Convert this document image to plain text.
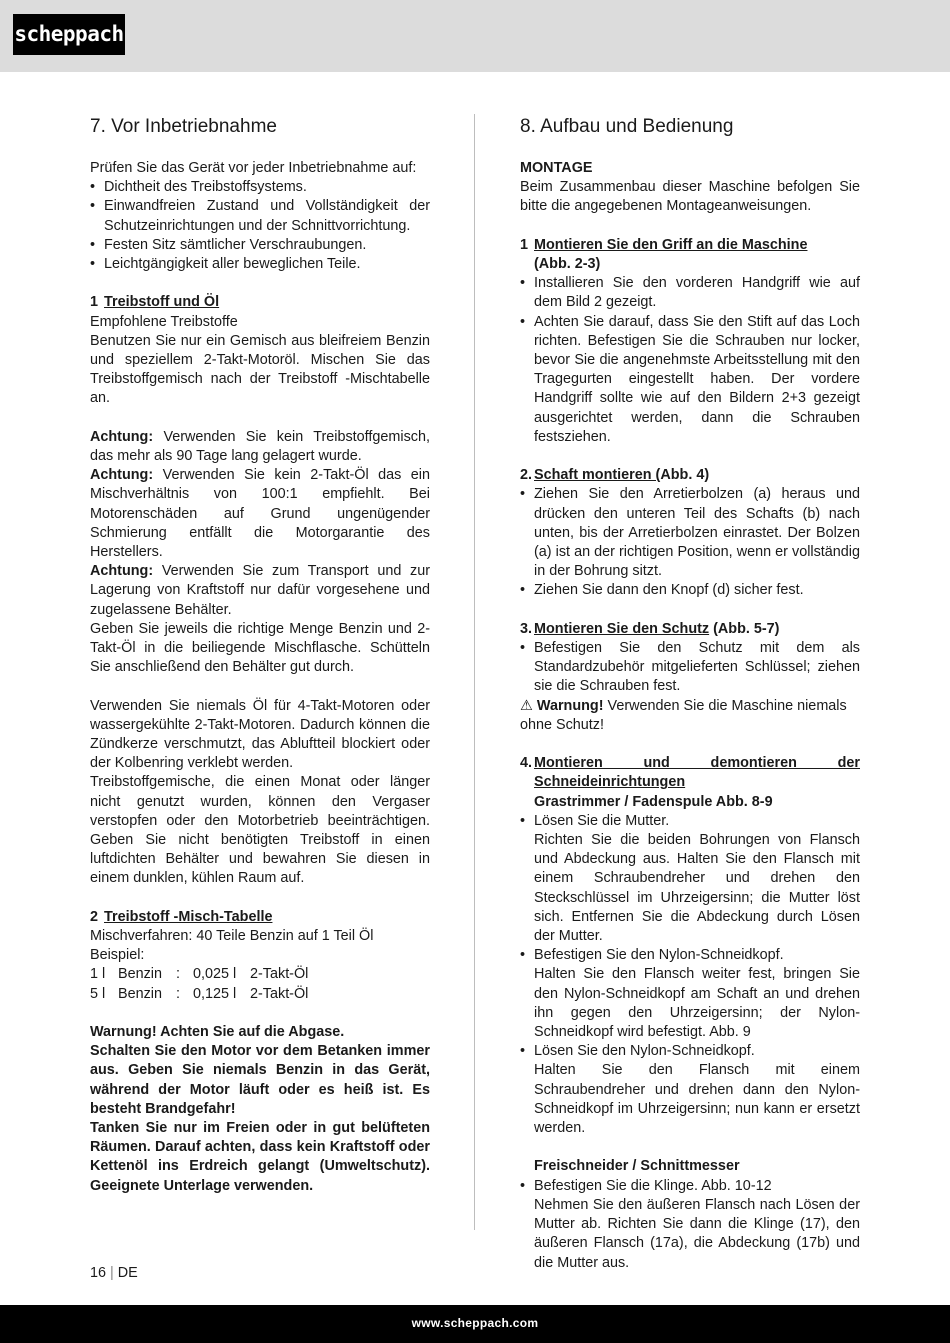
scheppach
7. Vor Inbetriebnahme

Prüfen Sie das Gerät vor jeder Inbetriebnahme auf:

• Dichtheit des Treibstoffsystems.
• Einwandfreien Zustand und Vollständigkeit der Schutzeinrichtungen und der Schnittvorrichtung.
• Festen Sitz sämtlicher Verschraubungen.
• Leichtgängigkeit aller beweglichen Teile.
1 Treibstoff und Öl

Empfohlene Treibstoffe

Benutzen Sie nur ein Gemisch aus bleifreiem Benzin und speziellem 2-Takt-Motoröl. Mischen Sie das Treibstoffgemisch nach der Treibstoff -Mischtabelle an.

Achtung: Verwenden Sie kein Treibstoffgemisch, das mehr als 90 Tage lang gelagert wurde.

Achtung: Verwenden Sie kein 2-Takt-Öl das ein Mischverhältnis von 100:1 empfiehlt. Bei Motorenschäden auf Grund ungenügender Schmierung entfällt die Motorgarantie des Herstellers.

Achtung: Verwenden Sie zum Transport und zur Lagerung von Kraftstoff nur dafür vorgesehene und zugelassene Behälter.

Geben Sie jeweils die richtige Menge Benzin und 2-Takt-Öl in die beiliegende Mischflasche. Schütteln Sie anschließend den Behälter gut durch.

Verwenden Sie niemals Öl für 4-Takt-Motoren oder wassergekühlte 2-Takt-Motoren. Dadurch können die Zündkerze verschmutzt, das Abluftteil blockiert oder der Kolbenring verklebt werden.

Treibstoffgemische, die einen Monat oder länger nicht genutzt wurden, können den Vergaser verstopfen oder den Motorbetrieb beeinträchtigen. Geben Sie nicht benötigten Treibstoff in einen luftdichten Behälter und bewahren Sie diesen in einem dunklen, kühlen Raum auf.

2 Treibstoff -Misch-Tabelle

Mischverfahren: 40 Teile Benzin auf 1 Teil Öl

Beispiel:

1 l Benzin : 0,025 l 2-Takt-Öl
5 l Benzin : 0,125 l 2-Takt-Öl

Warnung! Achten Sie auf die Abgase.
Schalten Sie den Motor vor dem Betanken immer aus. Geben Sie niemals Benzin in das Gerät, während der Motor läuft oder es heiß ist. Es besteht Brandgefahr!
Tanken Sie nur im Freien oder in gut belüfteten Räumen. Darauf achten, dass kein Kraftstoff oder Kettenöl ins Erdreich gelangt (Umweltschutz). Geeignete Unterlage verwenden.

8. Aufbau und Bedienung

MONTAGE

Beim Zusammenbau dieser Maschine befolgen Sie bitte die angegebenen Montageanweisungen.

1 Montieren Sie den Griff an die Maschine
(Abb. 2-3)
• Installieren Sie den vorderen Handgriff wie auf dem Bild 2 gezeigt.
• Achten Sie darauf, dass Sie den Stift auf das Loch richten. Befestigen Sie die Schrauben nur locker, bevor Sie die angenehmste Arbeitsstellung mit den Tragegurten eingestellt haben. Der vordere Handgriff sollte wie auf den Bildern 2+3 gezeigt ausgerichtet werden, dann die Schrauben festsziehen.
2. Schaft montieren (Abb. 4)
• Ziehen Sie den Arretierbolzen (a) heraus und drücken den unteren Teil des Schafts (b) nach unten, bis der Arretierbolzen einrastet. Der Bolzen (a) ist an der richtigen Position, wenn er vollständig in der Bohrung sitzt.
• Ziehen Sie dann den Knopf (d) sicher fest.
3. Montieren Sie den Schutz (Abb. 5-7)
• Befestigen Sie den Schutz mit dem als Standardzubehör mitgelieferten Schlüssel; ziehen sie die Schrauben fest.

⚠ Warnung! Verwenden Sie die Maschine niemals ohne Schutz!

4. Montieren und demontieren der Schneideinrichtungen

Grastrimmer / Fadenspule Abb. 8-9

• Lösen Sie die Mutter.
Richten Sie die beiden Bohrungen von Flansch und Abdeckung aus. Halten Sie den Flansch mit einem Schraubendreher und drehen den Steckschlüssel im Uhrzeigersinn; die Mutter löst sich. Entfernen Sie die Abdeckung durch Lösen der Mutter.
• Befestigen Sie den Nylon-Schneidkopf.
Halten Sie den Flansch weiter fest, bringen Sie den Nylon-Schneidkopf am Schaft an und drehen ihn gegen den Uhrzeigersinn; der Nylon-Schneidkopf wird befestigt. Abb. 9
• Lösen Sie den Nylon-Schneidkopf.
Halten Sie den Flansch mit einem Schraubendreher und drehen dann den Nylon-Schneidkopf im Uhrzeigersinn; nun kann er ersetzt werden.

Freischneider / Schnittmesser

• Befestigen Sie die Klinge. Abb. 10-12
Nehmen Sie den äußeren Flansch nach Lösen der Mutter ab. Richten Sie dann die Klinge (17), den äußeren Flansch (17a), die Abdeckung (17b) und die Mutter aus.
16 | DE
www.scheppach.com
